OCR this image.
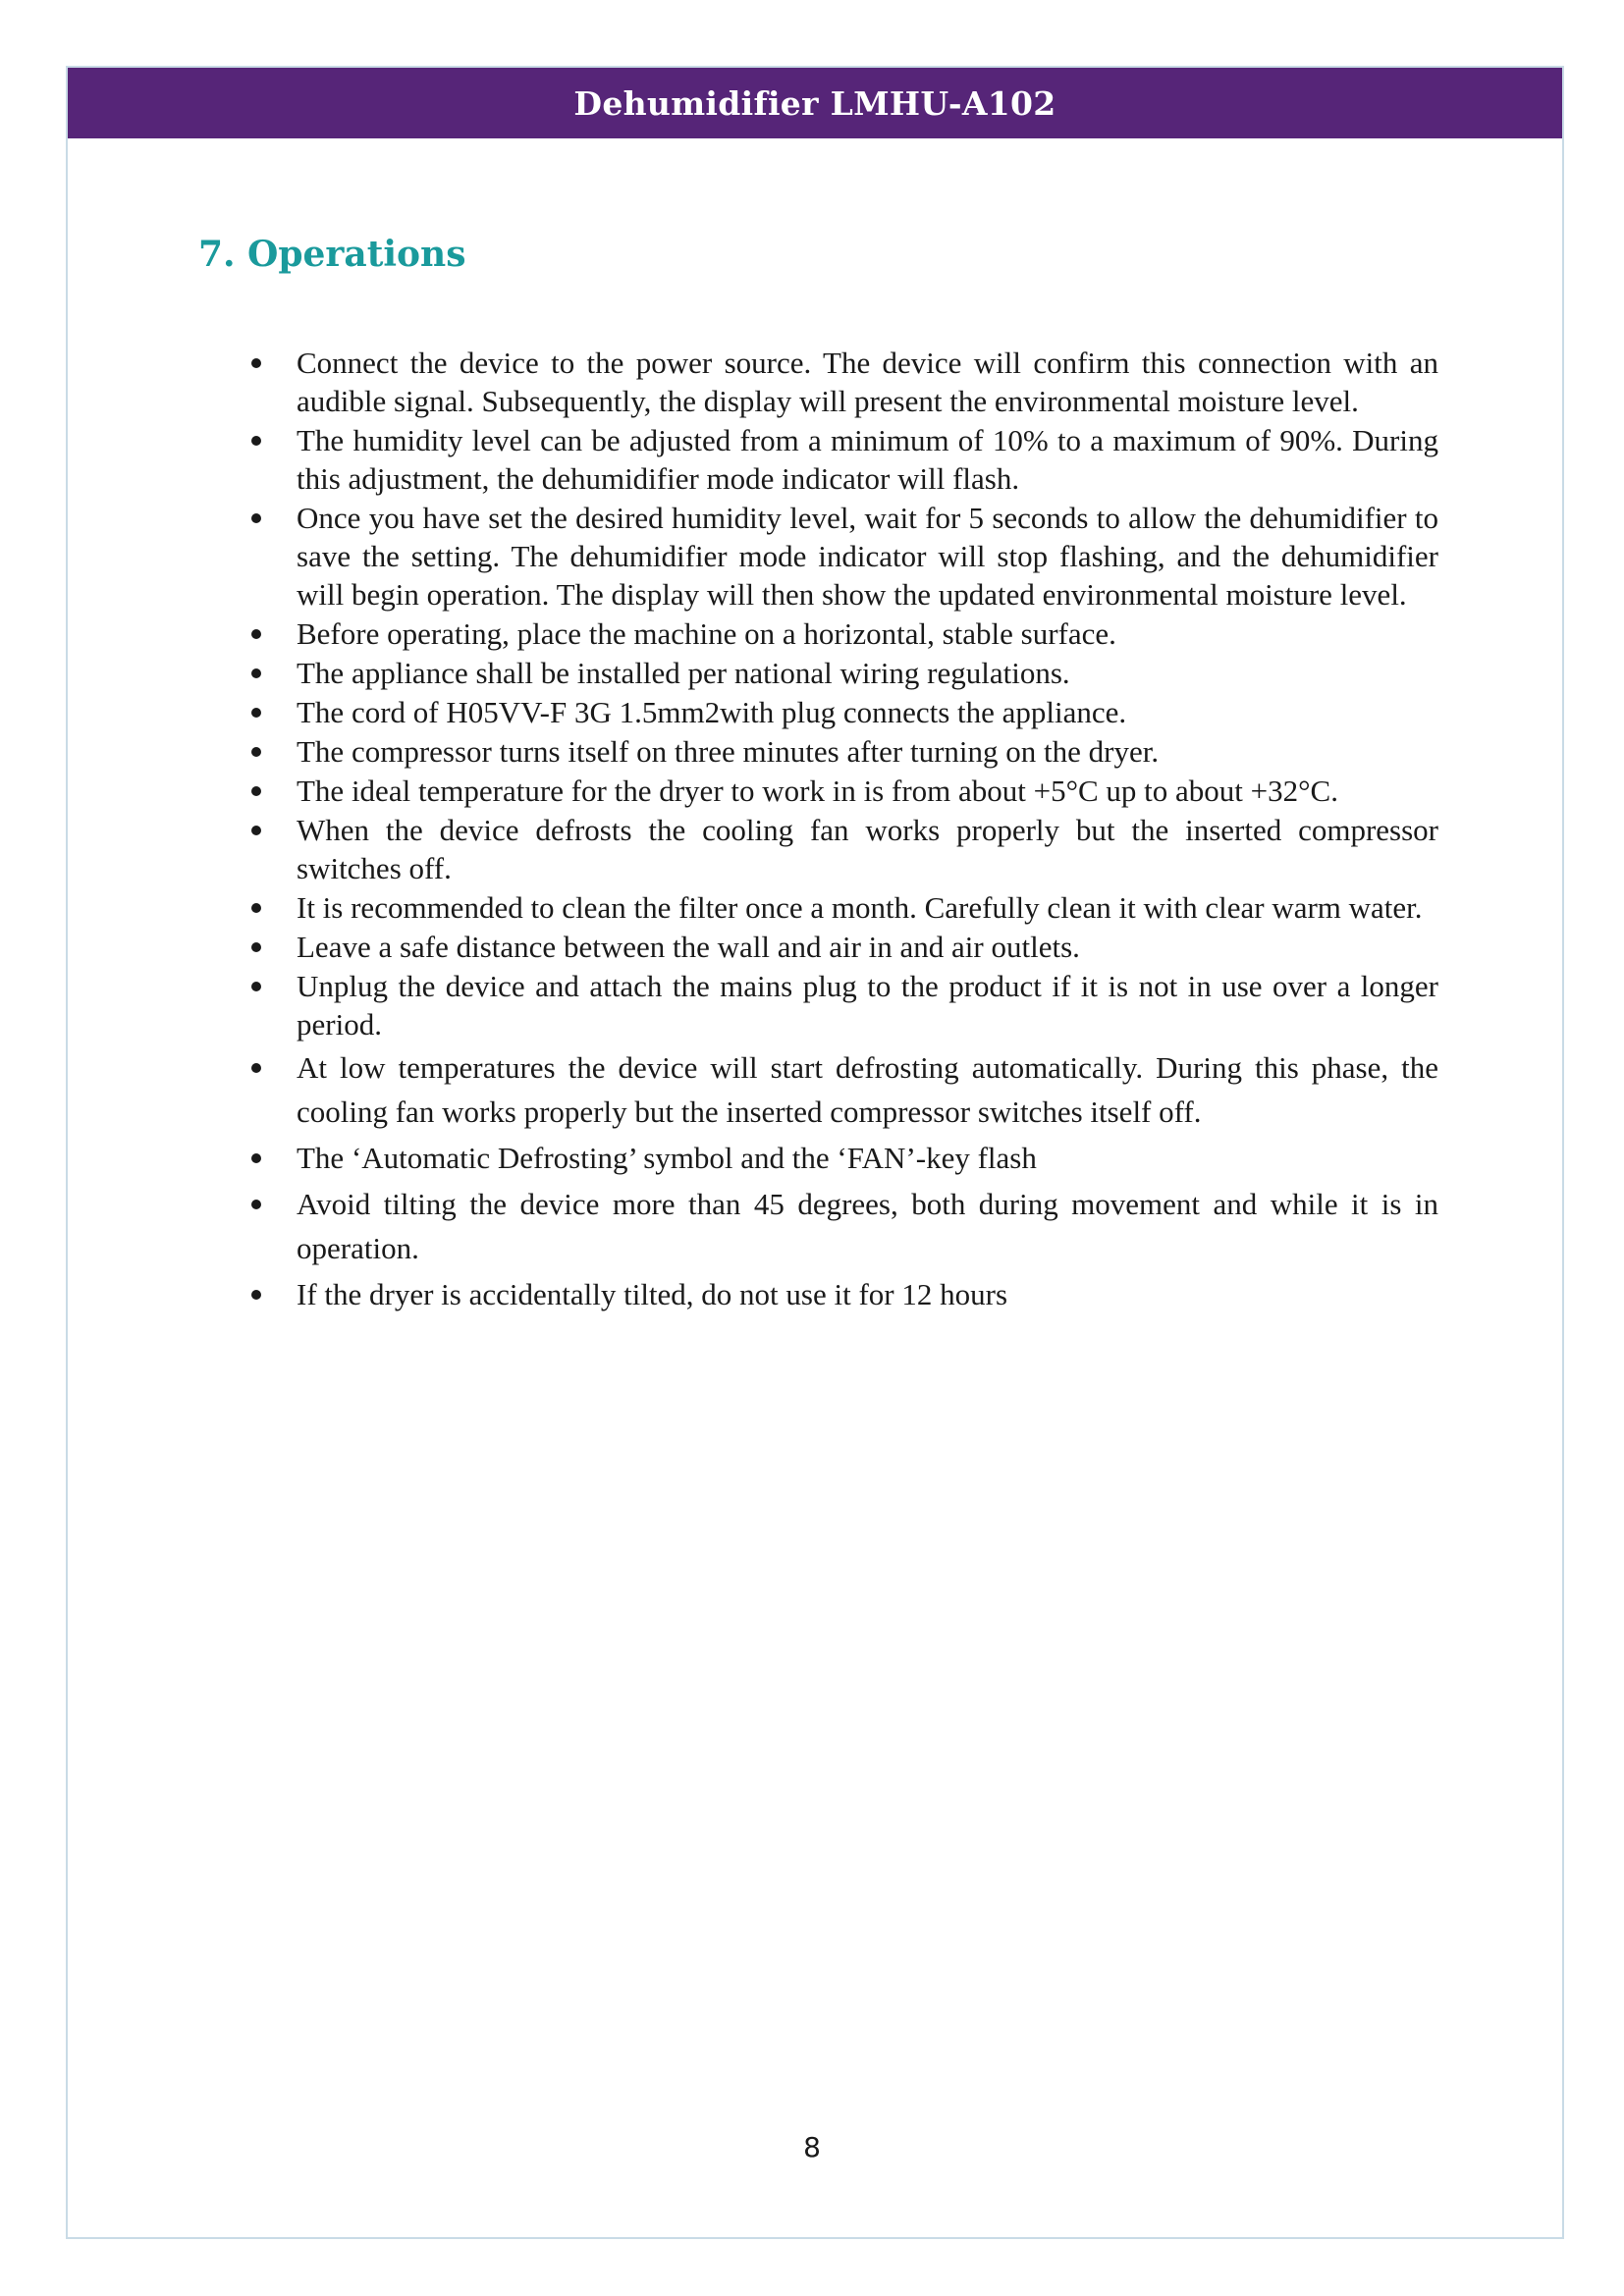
Dehumidifier LMHU-A102
7. Operations
Connect the device to the power source. The device will confirm this connection with an audible signal. Subsequently, the display will present the environmental moisture level.
The humidity level can be adjusted from a minimum of 10% to a maximum of 90%. During this adjustment, the dehumidifier mode indicator will flash.
Once you have set the desired humidity level, wait for 5 seconds to allow the dehumidifier to save the setting. The dehumidifier mode indicator will stop flashing, and the dehumidifier will begin operation. The display will then show the updated environmental moisture level.
Before operating, place the machine on a horizontal, stable surface.
The appliance shall be installed per national wiring regulations.
The cord of H05VV-F 3G 1.5mm2with plug connects the appliance.
The compressor turns itself on three minutes after turning on the dryer.
The ideal temperature for the dryer to work in is from about +5°C up to about +32°C.
When the device defrosts the cooling fan works properly but the inserted compressor switches off.
It is recommended to clean the filter once a month. Carefully clean it with clear warm water.
Leave a safe distance between the wall and air in and air outlets.
Unplug the device and attach the mains plug to the product if it is not in use over a longer period.
At low temperatures the device will start defrosting automatically. During this phase, the cooling fan works properly but the inserted compressor switches itself off.
The ‘Automatic Defrosting’ symbol and the ‘FAN’-key flash
Avoid tilting the device more than 45 degrees, both during movement and while it is in operation.
If the dryer is accidentally tilted, do not use it for 12 hours
8
